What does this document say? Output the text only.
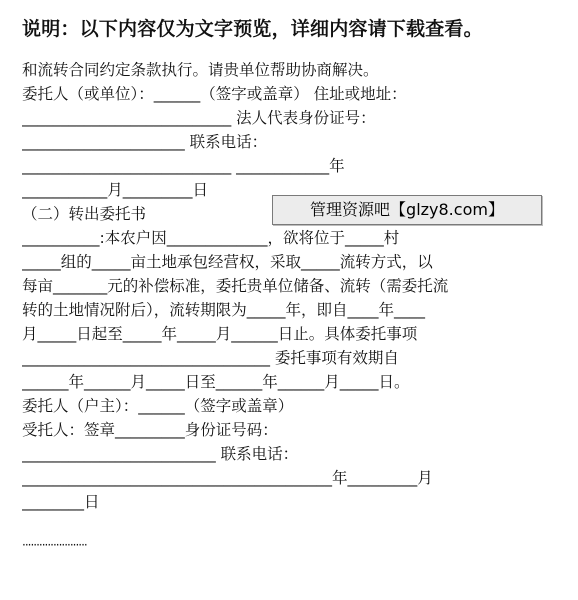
说明：以下内容仅为文字预览，详细内容请下载查看。
和流转合同约定条款执行。请贵单位帮助协商解决。
委托人（或单位）：______（签字或盖章） 住址或地址：
___________________________ 法人代表身份证号：
_____________________ 联系电话：
___________________________ ____________年
___________月_________日
（二）转出委托书
__________:本农户因_____________，欲将位于_____村
_____组的_____亩土地承包经营权，采取_____流转方式，以
每亩_______元的补偿标准，委托贵单位储备、流转（需委托流
转的土地情况附后），流转期限为_____年，即自____年____
月_____日起至_____年_____月______日止。具体委托事项
________________________________ 委托事项有效期自
______年______月_____日至______年______月_____日。
委托人（户主）：______（签字或盖章）
受托人：签章_________身份证号码：
_________________________ 联系电话：
________________________________________年_________月
________日
管理资源吧【glzy8.com】
·······················
